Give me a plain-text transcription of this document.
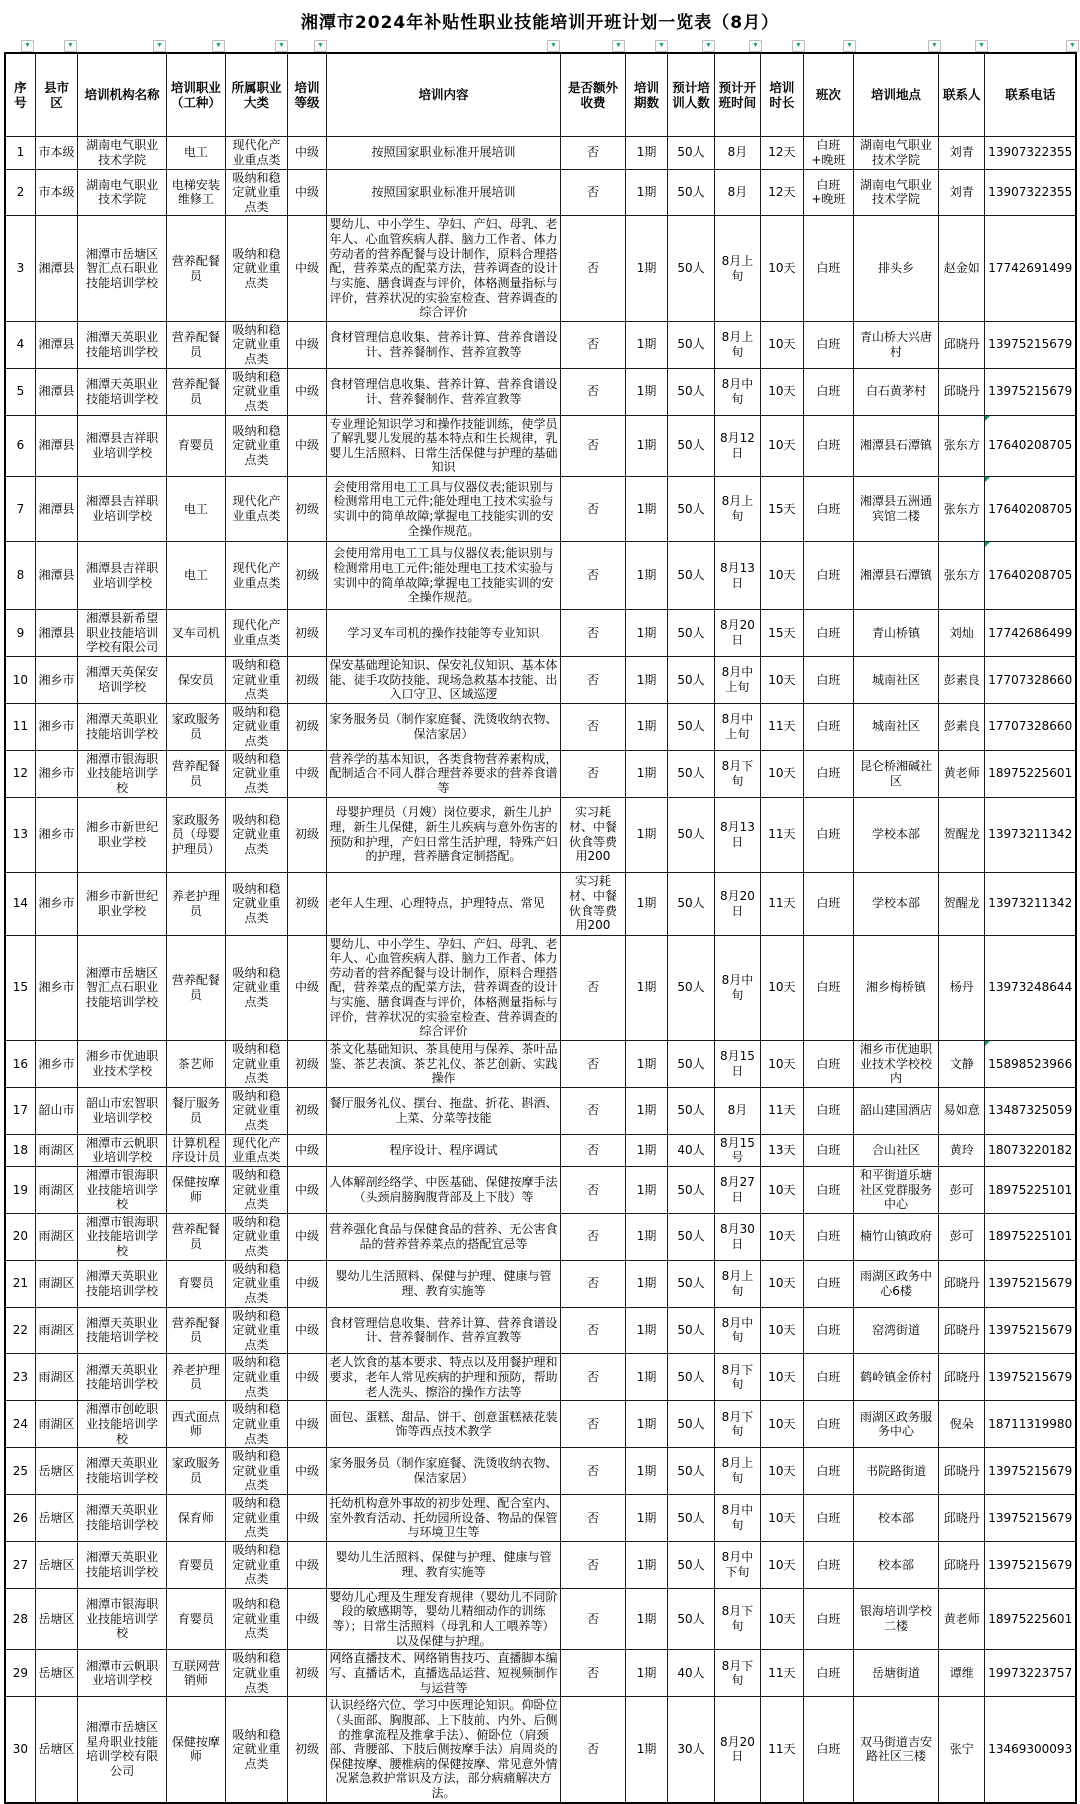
湘潭市2024年补贴性职业技能培训开班计划一览表（8月）
▼	▼	▼	▼	▼	▼	▼	▼	▼	▼	▼	▼	▼	▼	▼	▼
序号	县市区	培训机构名称	培训职业（工种）	所属职业大类	培训等级	培训内容	是否额外收费	培训期数	预计培训人数	预计开班时间	培训时长	班次	培训地点	联系人	联系电话
1	市本级	湖南电气职业技术学院	电工	现代化产业重点类	中级	按照国家职业标准开展培训	否	1期	50人	8月	12天	白班+晚班	湖南电气职业技术学院	刘青	13907322355
2	市本级	湖南电气职业技术学院	电梯安装维修工	吸纳和稳定就业重点类	中级	按照国家职业标准开展培训	否	1期	50人	8月	12天	白班+晚班	湖南电气职业技术学院	刘青	13907322355
3	湘潭县	湘潭市岳塘区智汇点石职业技能培训学校	营养配餐员	吸纳和稳定就业重点类	中级	婴幼儿、中小学生、孕妇、产妇、母乳、老年人、心血管疾病人群、脑力工作者、体力劳动者的营养配餐与设计制作，原料合理搭配，营养菜点的配菜方法，营养调查的设计与实施、膳食调查与评价，体格测量指标与评价，营养状况的实验室检查、营养调查的综合评价	否	1期	50人	8月上旬	10天	白班	排头乡	赵金如	17742691499
4	湘潭县	湘潭天英职业技能培训学校	营养配餐员	吸纳和稳定就业重点类	中级	食材管理信息收集、营养计算、营养食谱设计、营养餐制作、营养宣教等	否	1期	50人	8月上旬	10天	白班	青山桥大兴唐村	邱晓丹	13975215679
5	湘潭县	湘潭天英职业技能培训学校	营养配餐员	吸纳和稳定就业重点类	中级	食材管理信息收集、营养计算、营养食谱设计、营养餐制作、营养宣教等	否	1期	50人	8月中旬	10天	白班	白石黄茅村	邱晓丹	13975215679
6	湘潭县	湘潭县吉祥职业培训学校	育婴员	吸纳和稳定就业重点类	中级	专业理论知识学习和操作技能训练，使学员了解乳婴儿发展的基本特点和生长规律，乳婴儿生活照料、日常生活保健与护理的基础知识	否	1期	50人	8月12日	10天	白班	湘潭县石潭镇	张东方	17640208705

7	湘潭县	湘潭县吉祥职业培训学校	电工	现代化产业重点类	初级	会使用常用电工工具与仪器仪表;能识别与检测常用电工元件;能处理电工技术实验与实训中的简单故障;掌握电工技能实训的安全操作规范。	否	1期	50人	8月上旬	15天	白班	湘潭县五洲通宾馆二楼	张东方	17640208705

8	湘潭县	湘潭县吉祥职业培训学校	电工	现代化产业重点类	初级	会使用常用电工工具与仪器仪表;能识别与检测常用电工元件;能处理电工技术实验与实训中的简单故障;掌握电工技能实训的安全操作规范。	否	1期	50人	8月13日	10天	白班	湘潭县石潭镇	张东方	17640208705

9	湘潭县	湘潭县新希望职业技能培训学校有限公司	叉车司机	现代化产业重点类	初级	学习叉车司机的操作技能等专业知识	否	1期	50人	8月20日	15天	白班	青山桥镇	刘灿	17742686499
10	湘乡市	湘潭天英保安培训学校	保安员	吸纳和稳定就业重点类	初级	保安基础理论知识、保安礼仪知识、基本体能、徒手攻防技能、现场急救基本技能、出入口守卫、区域巡逻	否	1期	50人	8月中上旬	10天	白班	城南社区	彭素良	17707328660
11	湘乡市	湘潭天英职业技能培训学校	家政服务员	吸纳和稳定就业重点类	初级	家务服务员（制作家庭餐、洗烫收纳衣物、保洁家居）	否	1期	50人	8月中上旬	11天	白班	城南社区	彭素良	17707328660
12	湘乡市	湘潭市银海职业技能培训学校	营养配餐员	吸纳和稳定就业重点类	中级	营养学的基本知识，各类食物营养素构成，配制适合不同人群合理营养要求的营养食谱等	否	1期	50人	8月下旬	10天	白班	昆仑桥湘碱社区	黄老师	18975225601
13	湘乡市	湘乡市新世纪职业学校	家政服务员（母婴护理员）	吸纳和稳定就业重点类	初级	母婴护理员（月嫂）岗位要求，新生儿护理，新生儿保健，新生儿疾病与意外伤害的预防和护理，产妇日常生活护理，特殊产妇的护理，营养膳食定制搭配。	实习耗材、中餐伙食等费用200	1期	50人	8月13日	11天	白班	学校本部	贺醒龙	13973211342
14	湘乡市	湘乡市新世纪职业学校	养老护理员	吸纳和稳定就业重点类	初级	老年人生理、心理特点，护理特点、常见	实习耗材、中餐伙食等费用200	1期	50人	8月20日	11天	白班	学校本部	贺醒龙	13973211342
15	湘乡市	湘潭市岳塘区智汇点石职业技能培训学校	营养配餐员	吸纳和稳定就业重点类	中级	婴幼儿、中小学生、孕妇、产妇、母乳、老年人、心血管疾病人群、脑力工作者、体力劳动者的营养配餐与设计制作，原料合理搭配，营养菜点的配菜方法，营养调查的设计与实施、膳食调查与评价，体格测量指标与评价，营养状况的实验室检查、营养调查的综合评价	否	1期	50人	8月中旬	10天	白班	湘乡梅桥镇	杨丹	13973248644
16	湘乡市	湘乡市优迪职业技术学校	茶艺师	吸纳和稳定就业重点类	初级	茶文化基础知识、茶具使用与保养、茶叶品鉴、茶艺表演、茶艺礼仪、茶艺创新、实践操作	否	1期	50人	8月15日	10天	白班	湘乡市优迪职业技术学校校内	文静	15898523966

17	韶山市	韶山市宏智职业培训学校	餐厅服务员	吸纳和稳定就业重点类	初级	餐厅服务礼仪、摆台、拖盘、折花、斟酒、上菜、分菜等技能	否	1期	50人	8月	11天	白班	韶山建国酒店	易如意	13487325059
18	雨湖区	湘潭市云帆职业培训学校	计算机程序设计员	现代化产业重点类	中级	程序设计、程序调试	否	1期	40人	8月15号	13天	白班	合山社区	黄玲	18073220182
19	雨湖区	湘潭市银海职业技能培训学校	保健按摩师	吸纳和稳定就业重点类	中级	人体解剖经络学、中医基础、保健按摩手法（头颈肩膀胸腹背部及上下肢）等	否	1期	50人	8月27日	10天	白班	和平街道乐塘社区党群服务中心	彭可	18975225101
20	雨湖区	湘潭市银海职业技能培训学校	营养配餐员	吸纳和稳定就业重点类	中级	营养强化食品与保健食品的营养、无公害食品的营养营养菜点的搭配宜忌等	否	1期	50人	8月30日	10天	白班	楠竹山镇政府	彭可	18975225101
21	雨湖区	湘潭天英职业技能培训学校	育婴员	吸纳和稳定就业重点类	中级	婴幼儿生活照料、保健与护理、健康与管理、教育实施等	否	1期	50人	8月上旬	10天	白班	雨湖区政务中心6楼	邱晓丹	13975215679
22	雨湖区	湘潭天英职业技能培训学校	营养配餐员	吸纳和稳定就业重点类	中级	食材管理信息收集、营养计算、营养食谱设计、营养餐制作、营养宣教等	否	1期	50人	8月中旬	10天	白班	窑湾街道	邱晓丹	13975215679
23	雨湖区	湘潭天英职业技能培训学校	养老护理员	吸纳和稳定就业重点类	中级	老人饮食的基本要求、特点以及用餐护理和要求，老年人常见疾病的护理和预防，帮助老人洗头、擦浴的操作方法等	否	1期	50人	8月下旬	10天	白班	鹤岭镇金侨村	邱晓丹	13975215679
24	雨湖区	湘潭市创屹职业技能培训学校	西式面点师	吸纳和稳定就业重点类	中级	面包、蛋糕、甜品、饼干、创意蛋糕裱花装饰等西点技术教学	否	1期	50人	8月下旬	10天	白班	雨湖区政务服务中心	倪朵	18711319980
25	岳塘区	湘潭天英职业技能培训学校	家政服务员	吸纳和稳定就业重点类	中级	家务服务员（制作家庭餐、洗烫收纳衣物、保洁家居）	否	1期	50人	8月上旬	10天	白班	书院路街道	邱晓丹	13975215679
26	岳塘区	湘潭天英职业技能培训学校	保育师	吸纳和稳定就业重点类	中级	托幼机构意外事故的初步处理、配合室内、室外教育活动、托幼园所设备、物品的保管与环境卫生等	否	1期	50人	8月中旬	10天	白班	校本部	邱晓丹	13975215679
27	岳塘区	湘潭天英职业技能培训学校	育婴员	吸纳和稳定就业重点类	中级	婴幼儿生活照料、保健与护理、健康与管理、教育实施等	否	1期	50人	8月中下旬	10天	白班	校本部	邱晓丹	13975215679
28	岳塘区	湘潭市银海职业技能培训学校	育婴员	吸纳和稳定就业重点类	中级	婴幼儿心理及生理发育规律（婴幼儿不同阶段的敏感期等，婴幼儿精细动作的训练等）；日常生活照料（母乳和人工喂养等）以及保健与护理。	否	1期	50人	8月下旬	10天	白班	银海培训学校二楼	黄老师	18975225601
29	岳塘区	湘潭市云帆职业培训学校	互联网营销师	吸纳和稳定就业重点类	初级	网络直播技术、网络销售技巧、直播脚本编写、直播话术，直播选品运营、短视频制作与运营等	否	1期	40人	8月下旬	11天	白班	岳塘街道	谭维	19973223757
30	岳塘区	湘潭市岳塘区星舟职业技能培训学校有限公司	保健按摩师	吸纳和稳定就业重点类	初级	认识经络穴位、学习中医理论知识。仰卧位（头面部、胸腹部、上下肢前、内外、后侧的推拿流程及推拿手法）、俯卧位（肩颈部、背腰部、下肢后侧按摩手法）肩周炎的保健按摩、腰椎病的保健按摩、常见意外情况紧急救护常识及方法，部分病痛解决方法。	否	1期	30人	8月20日	11天	白班	双马街道吉安路社区三楼	张宁	13469300093
